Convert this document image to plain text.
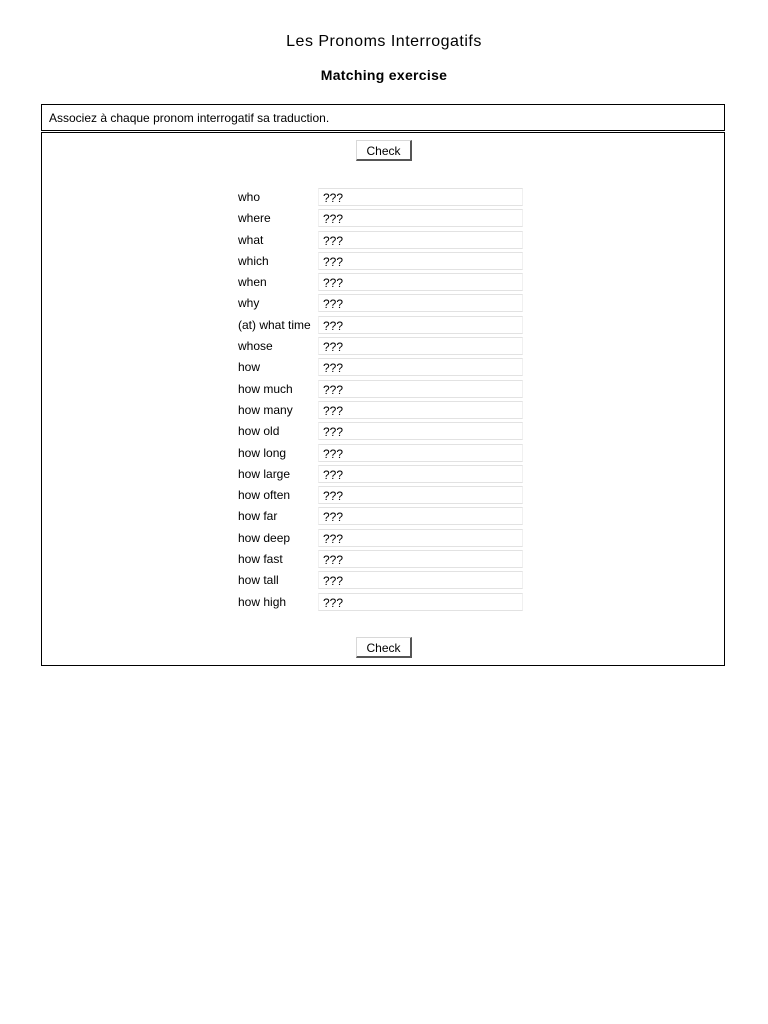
Les Pronoms Interrogatifs
Matching exercise
Associez à chaque pronom interrogatif sa traduction.
Check
who	???
where	???
what	???
which	???
when	???
why	???
(at) what time ???
whose	???
how	???
how much	???
how many	???
how old	???
how long	???
how large	???
how often	???
how far	???
how deep	???
how fast	???
how tall	???
how high	???
Check
